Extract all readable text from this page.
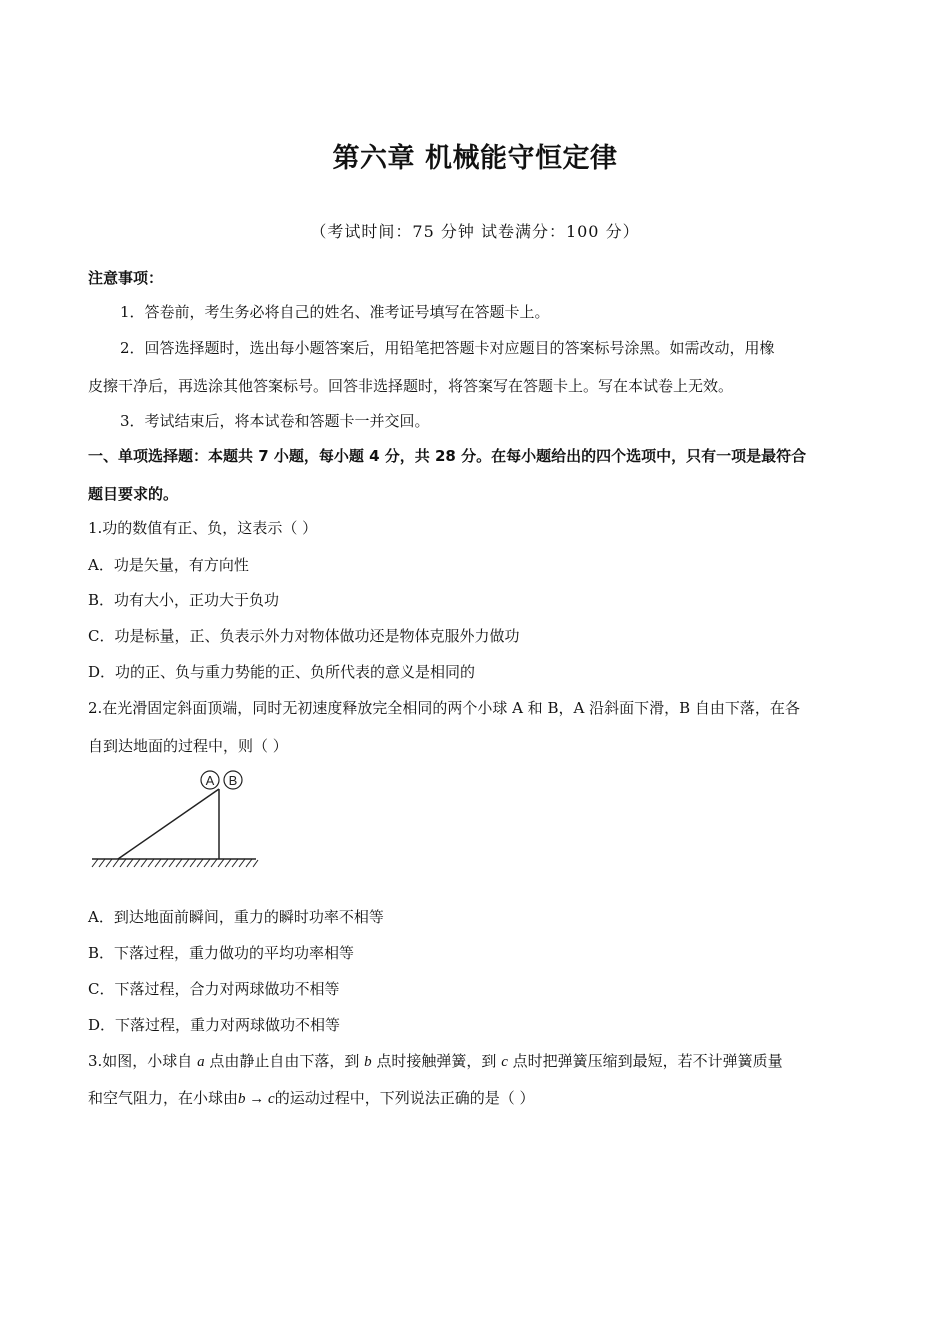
第六章 机械能守恒定律
（考试时间：75 分钟 试卷满分：100 分）
注意事项：
1．答卷前，考生务必将自己的姓名、准考证号填写在答题卡上。
2．回答选择题时，选出每小题答案后，用铅笔把答题卡对应题目的答案标号涂黑。如需改动，用橡
皮擦干净后，再选涂其他答案标号。回答非选择题时，将答案写在答题卡上。写在本试卷上无效。
3．考试结束后，将本试卷和答题卡一并交回。
一、单项选择题：本题共 7 小题，每小题 4 分，共 28 分。在每小题给出的四个选项中，只有一项是最符合
题目要求的。
1.功的数值有正、负，这表示（ ）
A．功是矢量，有方向性
B．功有大小，正功大于负功
C．功是标量，正、负表示外力对物体做功还是物体克服外力做功
D．功的正、负与重力势能的正、负所代表的意义是相同的
2.在光滑固定斜面顶端，同时无初速度释放完全相同的两个小球 A 和 B，A 沿斜面下滑，B 自由下落，在各
自到达地面的过程中，则（ ）
A B
A．到达地面前瞬间，重力的瞬时功率不相等
B．下落过程，重力做功的平均功率相等
C．下落过程，合力对两球做功不相等
D．下落过程，重力对两球做功不相等
3.如图，小球自 a 点由静止自由下落，到 b 点时接触弹簧，到 c 点时把弹簧压缩到最短，若不计弹簧质量
和空气阻力，在小球由b → c的运动过程中，下列说法正确的是（ ）
